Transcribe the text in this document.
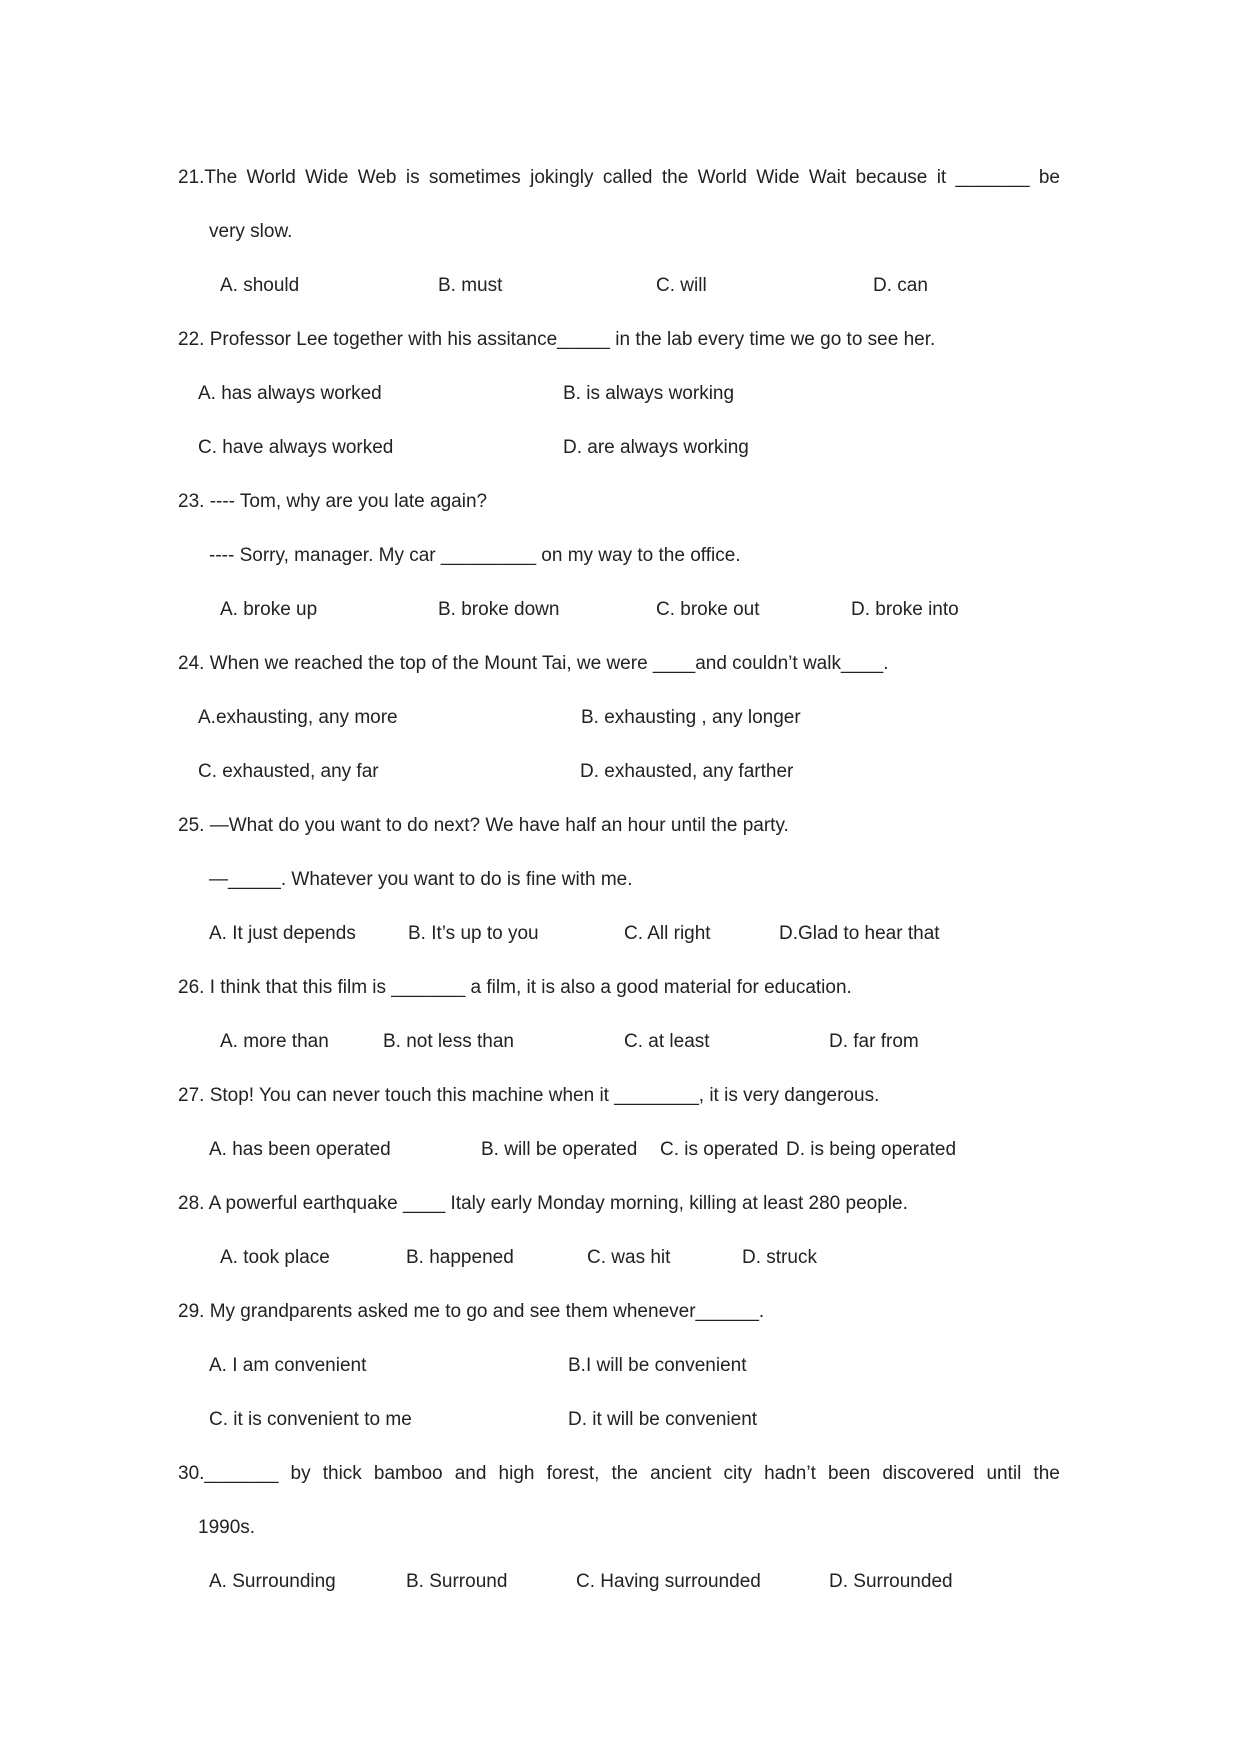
21.The World Wide Web is sometimes jokingly called the World Wide Wait because it _______ be
very slow.
A. should	B. must	C. will	D. can
22. Professor Lee together with his assitance_____ in the lab every time we go to see her.
A. has always worked	B. is always working
C. have always worked	D. are always working
23. ---- Tom, why are you late again?
---- Sorry, manager. My car _________ on my way to the office.
A. broke up	B. broke down	C. broke out	D. broke into
24. When we reached the top of the Mount Tai, we were ____and couldn’t walk____.
A.exhausting, any more	B. exhausting , any longer
C. exhausted, any far	D. exhausted, any farther
25. —What do you want to do next? We have half an hour until the party.
—_____. Whatever you want to do is fine with me.
A. It just depends	B. It’s up to you	C. All right	D.Glad to hear that
26. I think that this film is _______ a film, it is also a good material for education.
A. more than	B. not less than	C. at least	D. far from
27. Stop! You can never touch this machine when it ________, it is very dangerous.
A. has been operated	B. will be operated C. is operated D. is being operated
28. A powerful earthquake ____ Italy early Monday morning, killing at least 280 people.
A. took place	B. happened	C. was hit	D. struck
29. My grandparents asked me to go and see them whenever______.
A. I am convenient	B.I will be convenient
C. it is convenient to me	D. it will be convenient
30._______ by thick bamboo and high forest, the ancient city hadn’t been discovered until the
1990s.
A. Surrounding	B. Surround	C. Having surrounded	D. Surrounded
